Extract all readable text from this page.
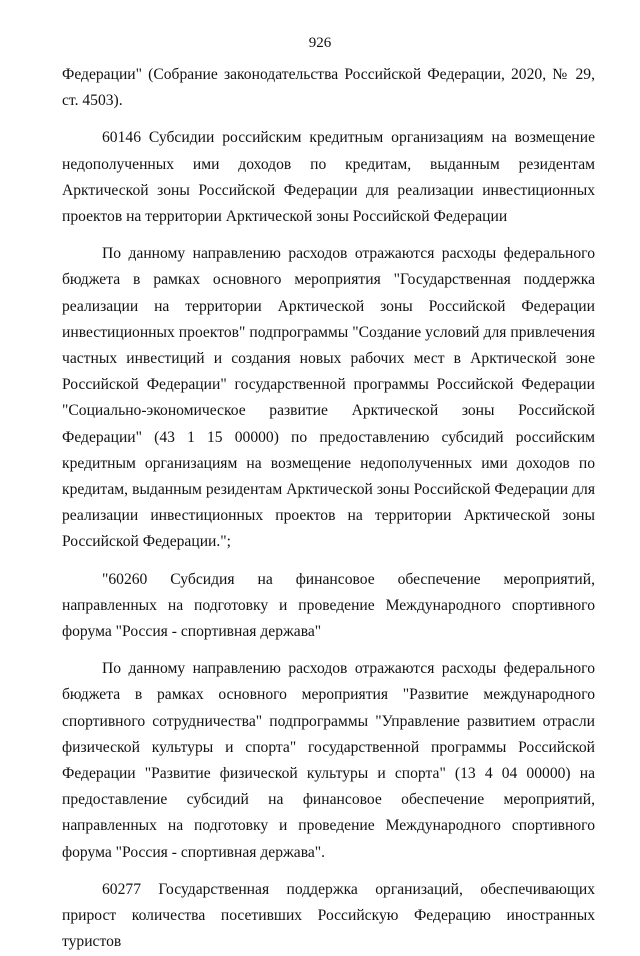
926

Федерации" (Собрание законодательства Российской Федерации, 2020, № 29, ст. 4503).

60146 Субсидии российским кредитным организациям на возмещение недополученных ими доходов по кредитам, выданным резидентам Арктической зоны Российской Федерации для реализации инвестиционных проектов на территории Арктической зоны Российской Федерации

По данному направлению расходов отражаются расходы федерального бюджета в рамках основного мероприятия "Государственная поддержка реализации на территории Арктической зоны Российской Федерации инвестиционных проектов" подпрограммы "Создание условий для привлечения частных инвестиций и создания новых рабочих мест в Арктической зоне Российской Федерации" государственной программы Российской Федерации "Социально-экономическое развитие Арктической зоны Российской Федерации" (43 1 15 00000) по предоставлению субсидий российским кредитным организациям на возмещение недополученных ими доходов по кредитам, выданным резидентам Арктической зоны Российской Федерации для реализации инвестиционных проектов на территории Арктической зоны Российской Федерации.";

"60260 Субсидия на финансовое обеспечение мероприятий, направленных на подготовку и проведение Международного спортивного форума "Россия - спортивная держава"

По данному направлению расходов отражаются расходы федерального бюджета в рамках основного мероприятия "Развитие международного спортивного сотрудничества" подпрограммы "Управление развитием отрасли физической культуры и спорта" государственной программы Российской Федерации "Развитие физической культуры и спорта" (13 4 04 00000) на предоставление субсидий на финансовое обеспечение мероприятий, направленных на подготовку и проведение Международного спортивного форума "Россия - спортивная держава".

60277 Государственная поддержка организаций, обеспечивающих прирост количества посетивших Российскую Федерацию иностранных туристов
